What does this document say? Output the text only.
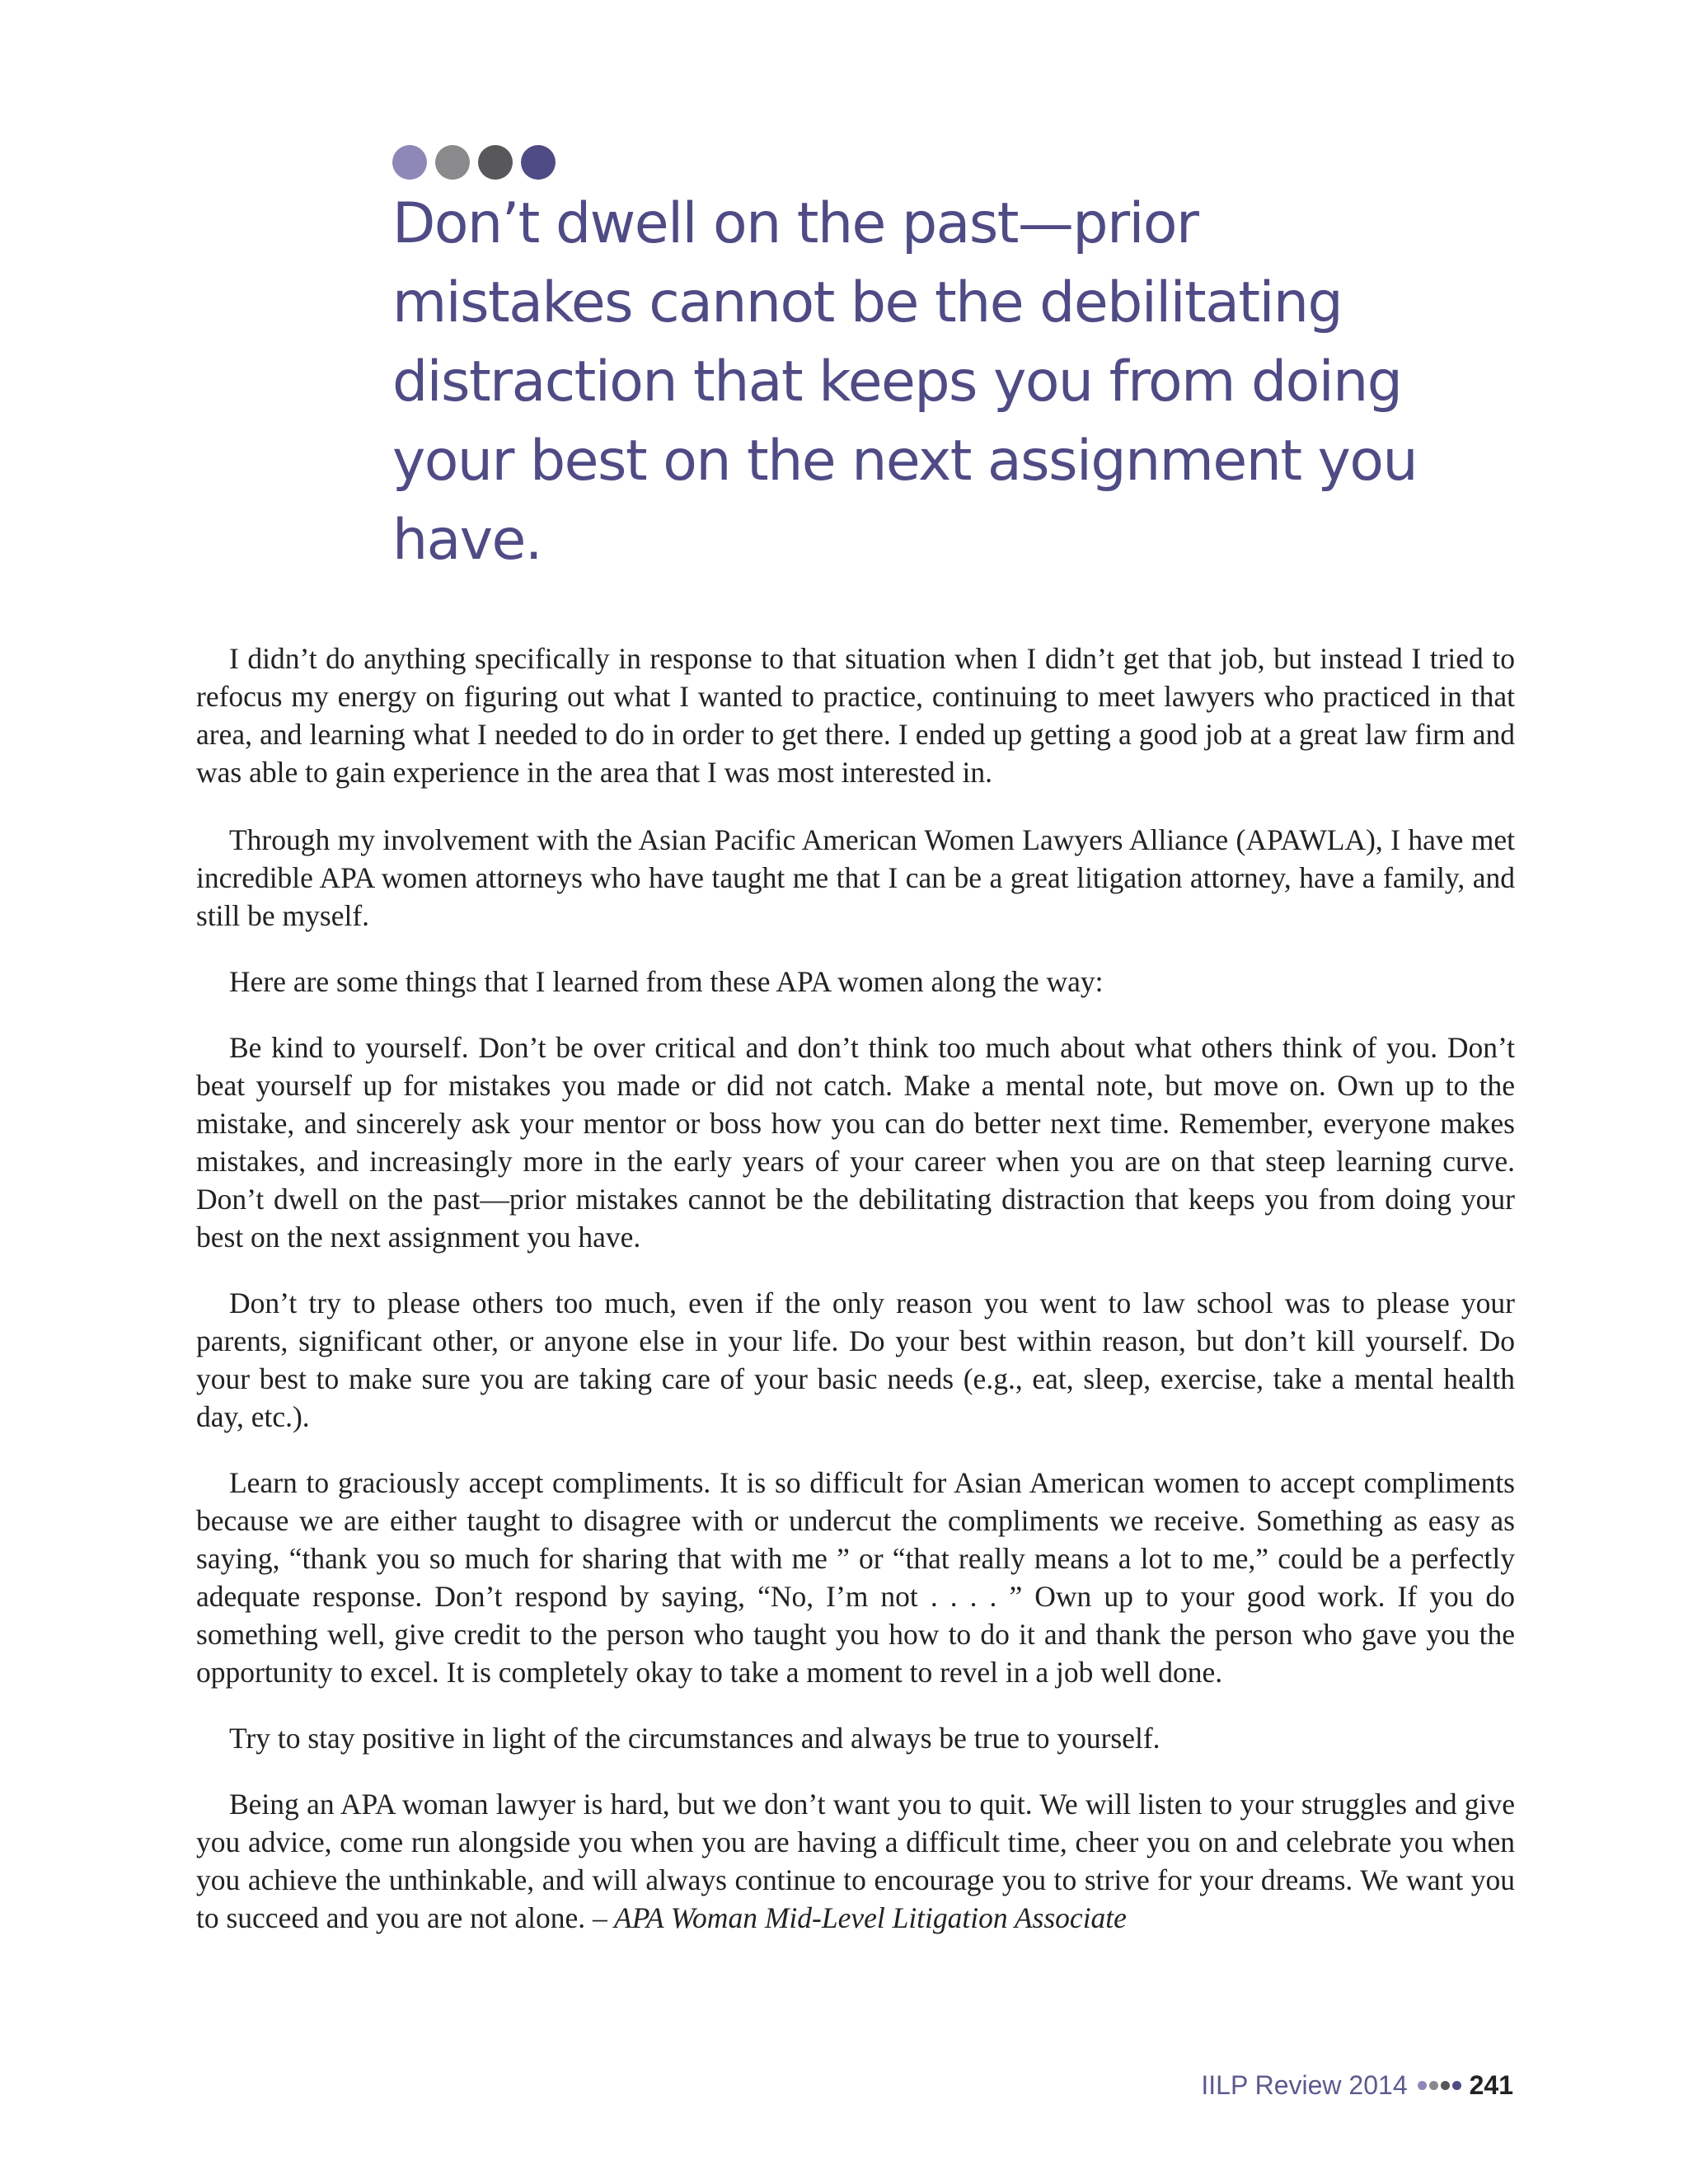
Don’t dwell on the past—prior mistakes cannot be the debilitating distraction that keeps you from doing your best on the next assignment you have.

I didn’t do anything specifically in response to that situation when I didn’t get that job, but instead I tried to refocus my energy on figuring out what I wanted to practice, continuing to meet lawyers who practiced in that area, and learning what I needed to do in order to get there. I ended up getting a good job at a great law firm and was able to gain experience in the area that I was most interested in.

Through my involvement with the Asian Pacific American Women Lawyers Alliance (APAWLA), I have met incredible APA women attorneys who have taught me that I can be a great litigation attorney, have a family, and still be myself.

Here are some things that I learned from these APA women along the way:

Be kind to yourself. Don’t be over critical and don’t think too much about what others think of you. Don’t beat yourself up for mistakes you made or did not catch. Make a mental note, but move on. Own up to the mistake, and sincerely ask your mentor or boss how you can do better next time. Remember, everyone makes mistakes, and increasingly more in the early years of your career when you are on that steep learning curve. Don’t dwell on the past—prior mistakes cannot be the debilitating distraction that keeps you from doing your best on the next assignment you have.

Don’t try to please others too much, even if the only reason you went to law school was to please your parents, significant other, or anyone else in your life. Do your best within reason, but don’t kill yourself. Do your best to make sure you are taking care of your basic needs (e.g., eat, sleep, exercise, take a mental health day, etc.).

Learn to graciously accept compliments. It is so difficult for Asian American women to accept compliments because we are either taught to disagree with or undercut the compliments we receive. Something as easy as saying, “thank you so much for sharing that with me ” or “that really means a lot to me,” could be a perfectly adequate response. Don’t respond by saying, “No, I’m not . . . . ” Own up to your good work. If you do something well, give credit to the person who taught you how to do it and thank the person who gave you the opportunity to excel. It is completely okay to take a moment to revel in a job well done.

Try to stay positive in light of the circumstances and always be true to yourself.

Being an APA woman lawyer is hard, but we don’t want you to quit. We will listen to your struggles and give you advice, come run alongside you when you are having a difficult time, cheer you on and celebrate you when you achieve the unthinkable, and will always continue to encourage you to strive for your dreams. We want you to succeed and you are not alone. – APA Woman Mid-Level Litigation Associate

IILP Review 2014 241
